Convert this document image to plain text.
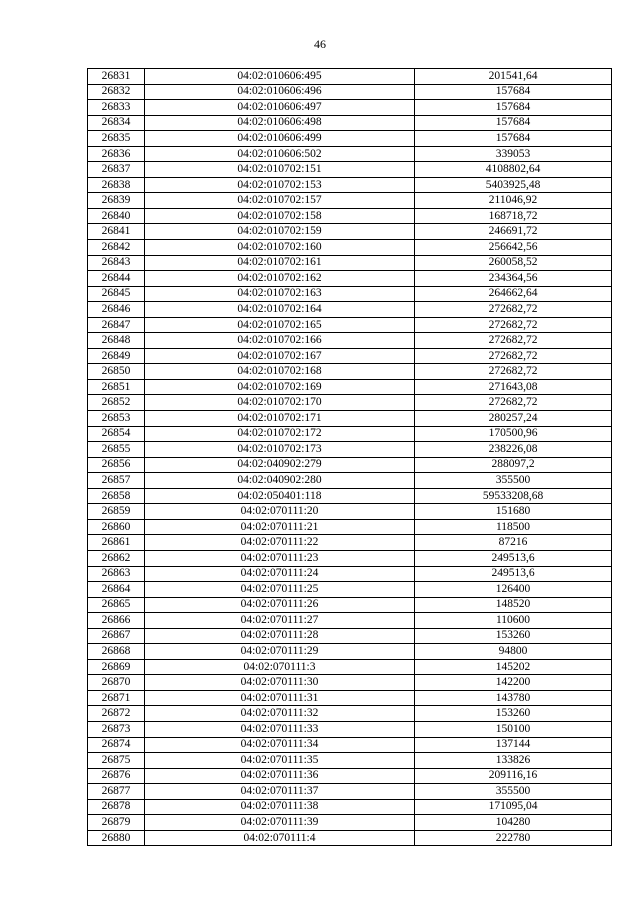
46
26831	04:02:010606:495	201541,64
26832	04:02:010606:496	157684
26833	04:02:010606:497	157684
26834	04:02:010606:498	157684
26835	04:02:010606:499	157684
26836	04:02:010606:502	339053
26837	04:02:010702:151	4108802,64
26838	04:02:010702:153	5403925,48
26839	04:02:010702:157	211046,92
26840	04:02:010702:158	168718,72
26841	04:02:010702:159	246691,72
26842	04:02:010702:160	256642,56
26843	04:02:010702:161	260058,52
26844	04:02:010702:162	234364,56
26845	04:02:010702:163	264662,64
26846	04:02:010702:164	272682,72
26847	04:02:010702:165	272682,72
26848	04:02:010702:166	272682,72
26849	04:02:010702:167	272682,72
26850	04:02:010702:168	272682,72
26851	04:02:010702:169	271643,08
26852	04:02:010702:170	272682,72
26853	04:02:010702:171	280257,24
26854	04:02:010702:172	170500,96
26855	04:02:010702:173	238226,08
26856	04:02:040902:279	288097,2
26857	04:02:040902:280	355500
26858	04:02:050401:118	59533208,68
26859	04:02:070111:20	151680
26860	04:02:070111:21	118500
26861	04:02:070111:22	87216
26862	04:02:070111:23	249513,6
26863	04:02:070111:24	249513,6
26864	04:02:070111:25	126400
26865	04:02:070111:26	148520
26866	04:02:070111:27	110600
26867	04:02:070111:28	153260
26868	04:02:070111:29	94800
26869	04:02:070111:3	145202
26870	04:02:070111:30	142200
26871	04:02:070111:31	143780
26872	04:02:070111:32	153260
26873	04:02:070111:33	150100
26874	04:02:070111:34	137144
26875	04:02:070111:35	133826
26876	04:02:070111:36	209116,16
26877	04:02:070111:37	355500
26878	04:02:070111:38	171095,04
26879	04:02:070111:39	104280
26880	04:02:070111:4	222780
